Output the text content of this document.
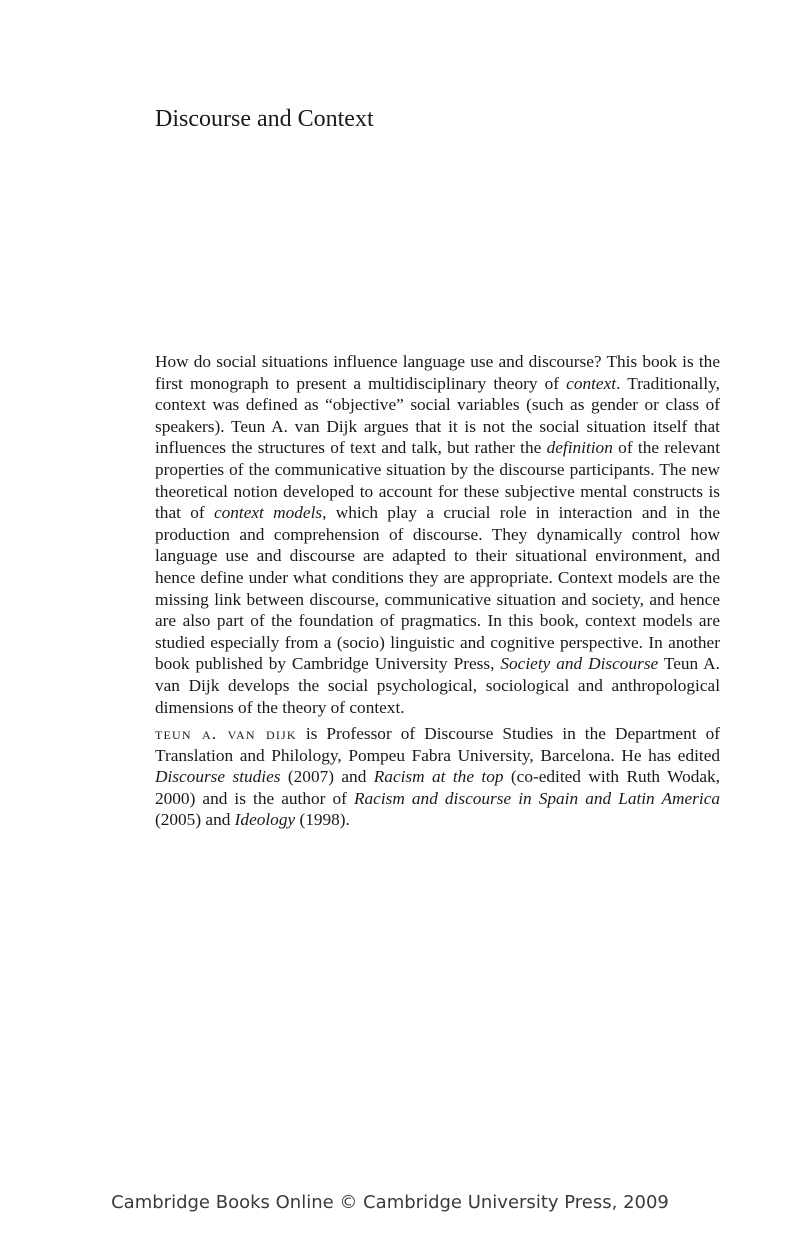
Discourse and Context

How do social situations influence language use and discourse? This book is the first monograph to present a multidisciplinary theory of context. Traditionally, context was defined as “objective” social variables (such as gender or class of speakers). Teun A. van Dijk argues that it is not the social situation itself that influences the structures of text and talk, but rather the definition of the relevant properties of the communicative situation by the discourse participants. The new theoretical notion developed to account for these subjective mental constructs is that of context models, which play a crucial role in interaction and in the production and comprehension of discourse. They dynamically control how language use and discourse are adapted to their situational environment, and hence define under what conditions they are appropriate. Context models are the missing link between discourse, communicative situation and society, and hence are also part of the foundation of pragmatics. In this book, context models are studied especially from a (socio) linguistic and cognitive perspective. In another book published by Cambridge University Press, Society and Discourse Teun A. van Dijk develops the social psychological, sociological and anthropological dimensions of the theory of context.

teun a. van dijk is Professor of Discourse Studies in the Department of Translation and Philology, Pompeu Fabra University, Barcelona. He has edited Discourse studies (2007) and Racism at the top (co-edited with Ruth Wodak, 2000) and is the author of Racism and discourse in Spain and Latin America (2005) and Ideology (1998).

Cambridge Books Online © Cambridge University Press, 2009
